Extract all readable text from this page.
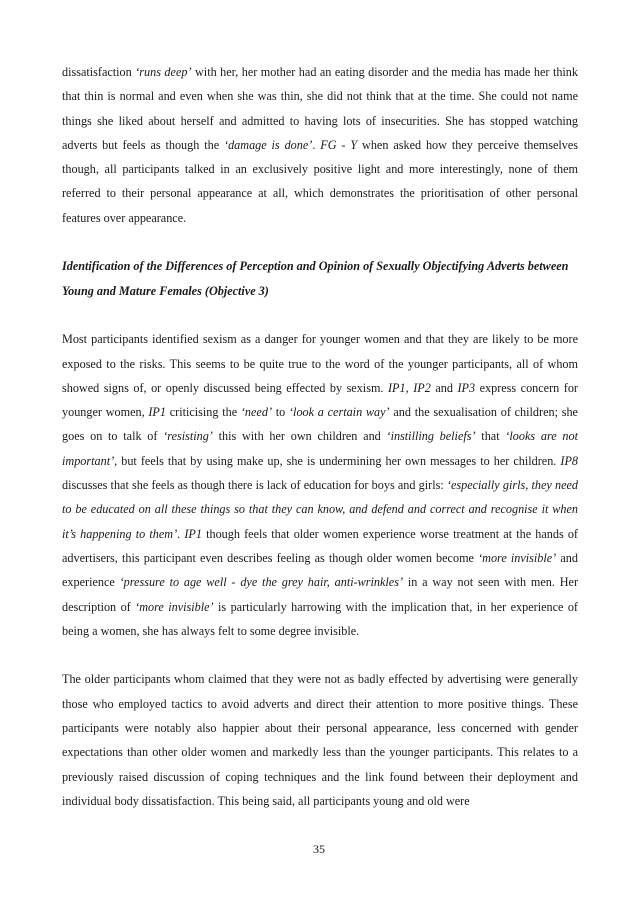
dissatisfaction ‘runs deep’ with her, her mother had an eating disorder and the media has made her think that thin is normal and even when she was thin, she did not think that at the time. She could not name things she liked about herself and admitted to having lots of insecurities. She has stopped watching adverts but feels as though the ‘damage is done’. FG - Y when asked how they perceive themselves though, all participants talked in an exclusively positive light and more interestingly, none of them referred to their personal appearance at all, which demonstrates the prioritisation of other personal features over appearance.

Identification of the Differences of Perception and Opinion of Sexually Objectifying Adverts between Young and Mature Females (Objective 3)

Most participants identified sexism as a danger for younger women and that they are likely to be more exposed to the risks. This seems to be quite true to the word of the younger participants, all of whom showed signs of, or openly discussed being effected by sexism. IP1, IP2 and IP3 express concern for younger women, IP1 criticising the ‘need’ to ‘look a certain way’ and the sexualisation of children; she goes on to talk of ‘resisting’ this with her own children and ‘instilling beliefs’ that ‘looks are not important’, but feels that by using make up, she is undermining her own messages to her children. IP8 discusses that she feels as though there is lack of education for boys and girls: ‘especially girls, they need to be educated on all these things so that they can know, and defend and correct and recognise it when it’s happening to them’. IP1 though feels that older women experience worse treatment at the hands of advertisers, this participant even describes feeling as though older women become ‘more invisible’ and experience ‘pressure to age well - dye the grey hair, anti-wrinkles’ in a way not seen with men. Her description of ‘more invisible’ is particularly harrowing with the implication that, in her experience of being a women, she has always felt to some degree invisible.

The older participants whom claimed that they were not as badly effected by advertising were generally those who employed tactics to avoid adverts and direct their attention to more positive things. These participants were notably also happier about their personal appearance, less concerned with gender expectations than other older women and markedly less than the younger participants. This relates to a previously raised discussion of coping techniques and the link found between their deployment and individual body dissatisfaction. This being said, all participants young and old were

35
